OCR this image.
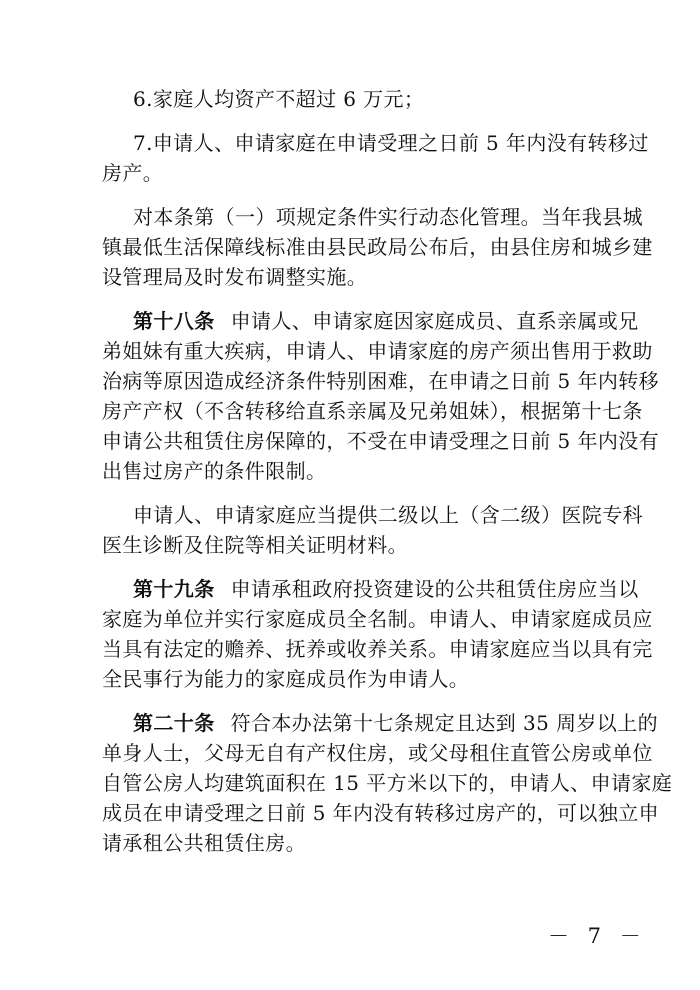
6.家庭人均资产不超过 6 万元；
7.申请人、申请家庭在申请受理之日前 5 年内没有转移过
房产。
对本条第（一）项规定条件实行动态化管理。当年我县城
镇最低生活保障线标准由县民政局公布后，由县住房和城乡建
设管理局及时发布调整实施。
第十八条 申请人、申请家庭因家庭成员、直系亲属或兄
弟姐妹有重大疾病，申请人、申请家庭的房产须出售用于救助
治病等原因造成经济条件特别困难，在申请之日前 5 年内转移
房产产权（不含转移给直系亲属及兄弟姐妹），根据第十七条
申请公共租赁住房保障的，不受在申请受理之日前 5 年内没有
出售过房产的条件限制。
申请人、申请家庭应当提供二级以上（含二级）医院专科
医生诊断及住院等相关证明材料。
第十九条 申请承租政府投资建设的公共租赁住房应当以
家庭为单位并实行家庭成员全名制。申请人、申请家庭成员应
当具有法定的赡养、抚养或收养关系。申请家庭应当以具有完
全民事行为能力的家庭成员作为申请人。
第二十条 符合本办法第十七条规定且达到 35 周岁以上的
单身人士，父母无自有产权住房，或父母租住直管公房或单位
自管公房人均建筑面积在 15 平方米以下的，申请人、申请家庭
成员在申请受理之日前 5 年内没有转移过房产的，可以独立申
请承租公共租赁住房。
－ 7 －
